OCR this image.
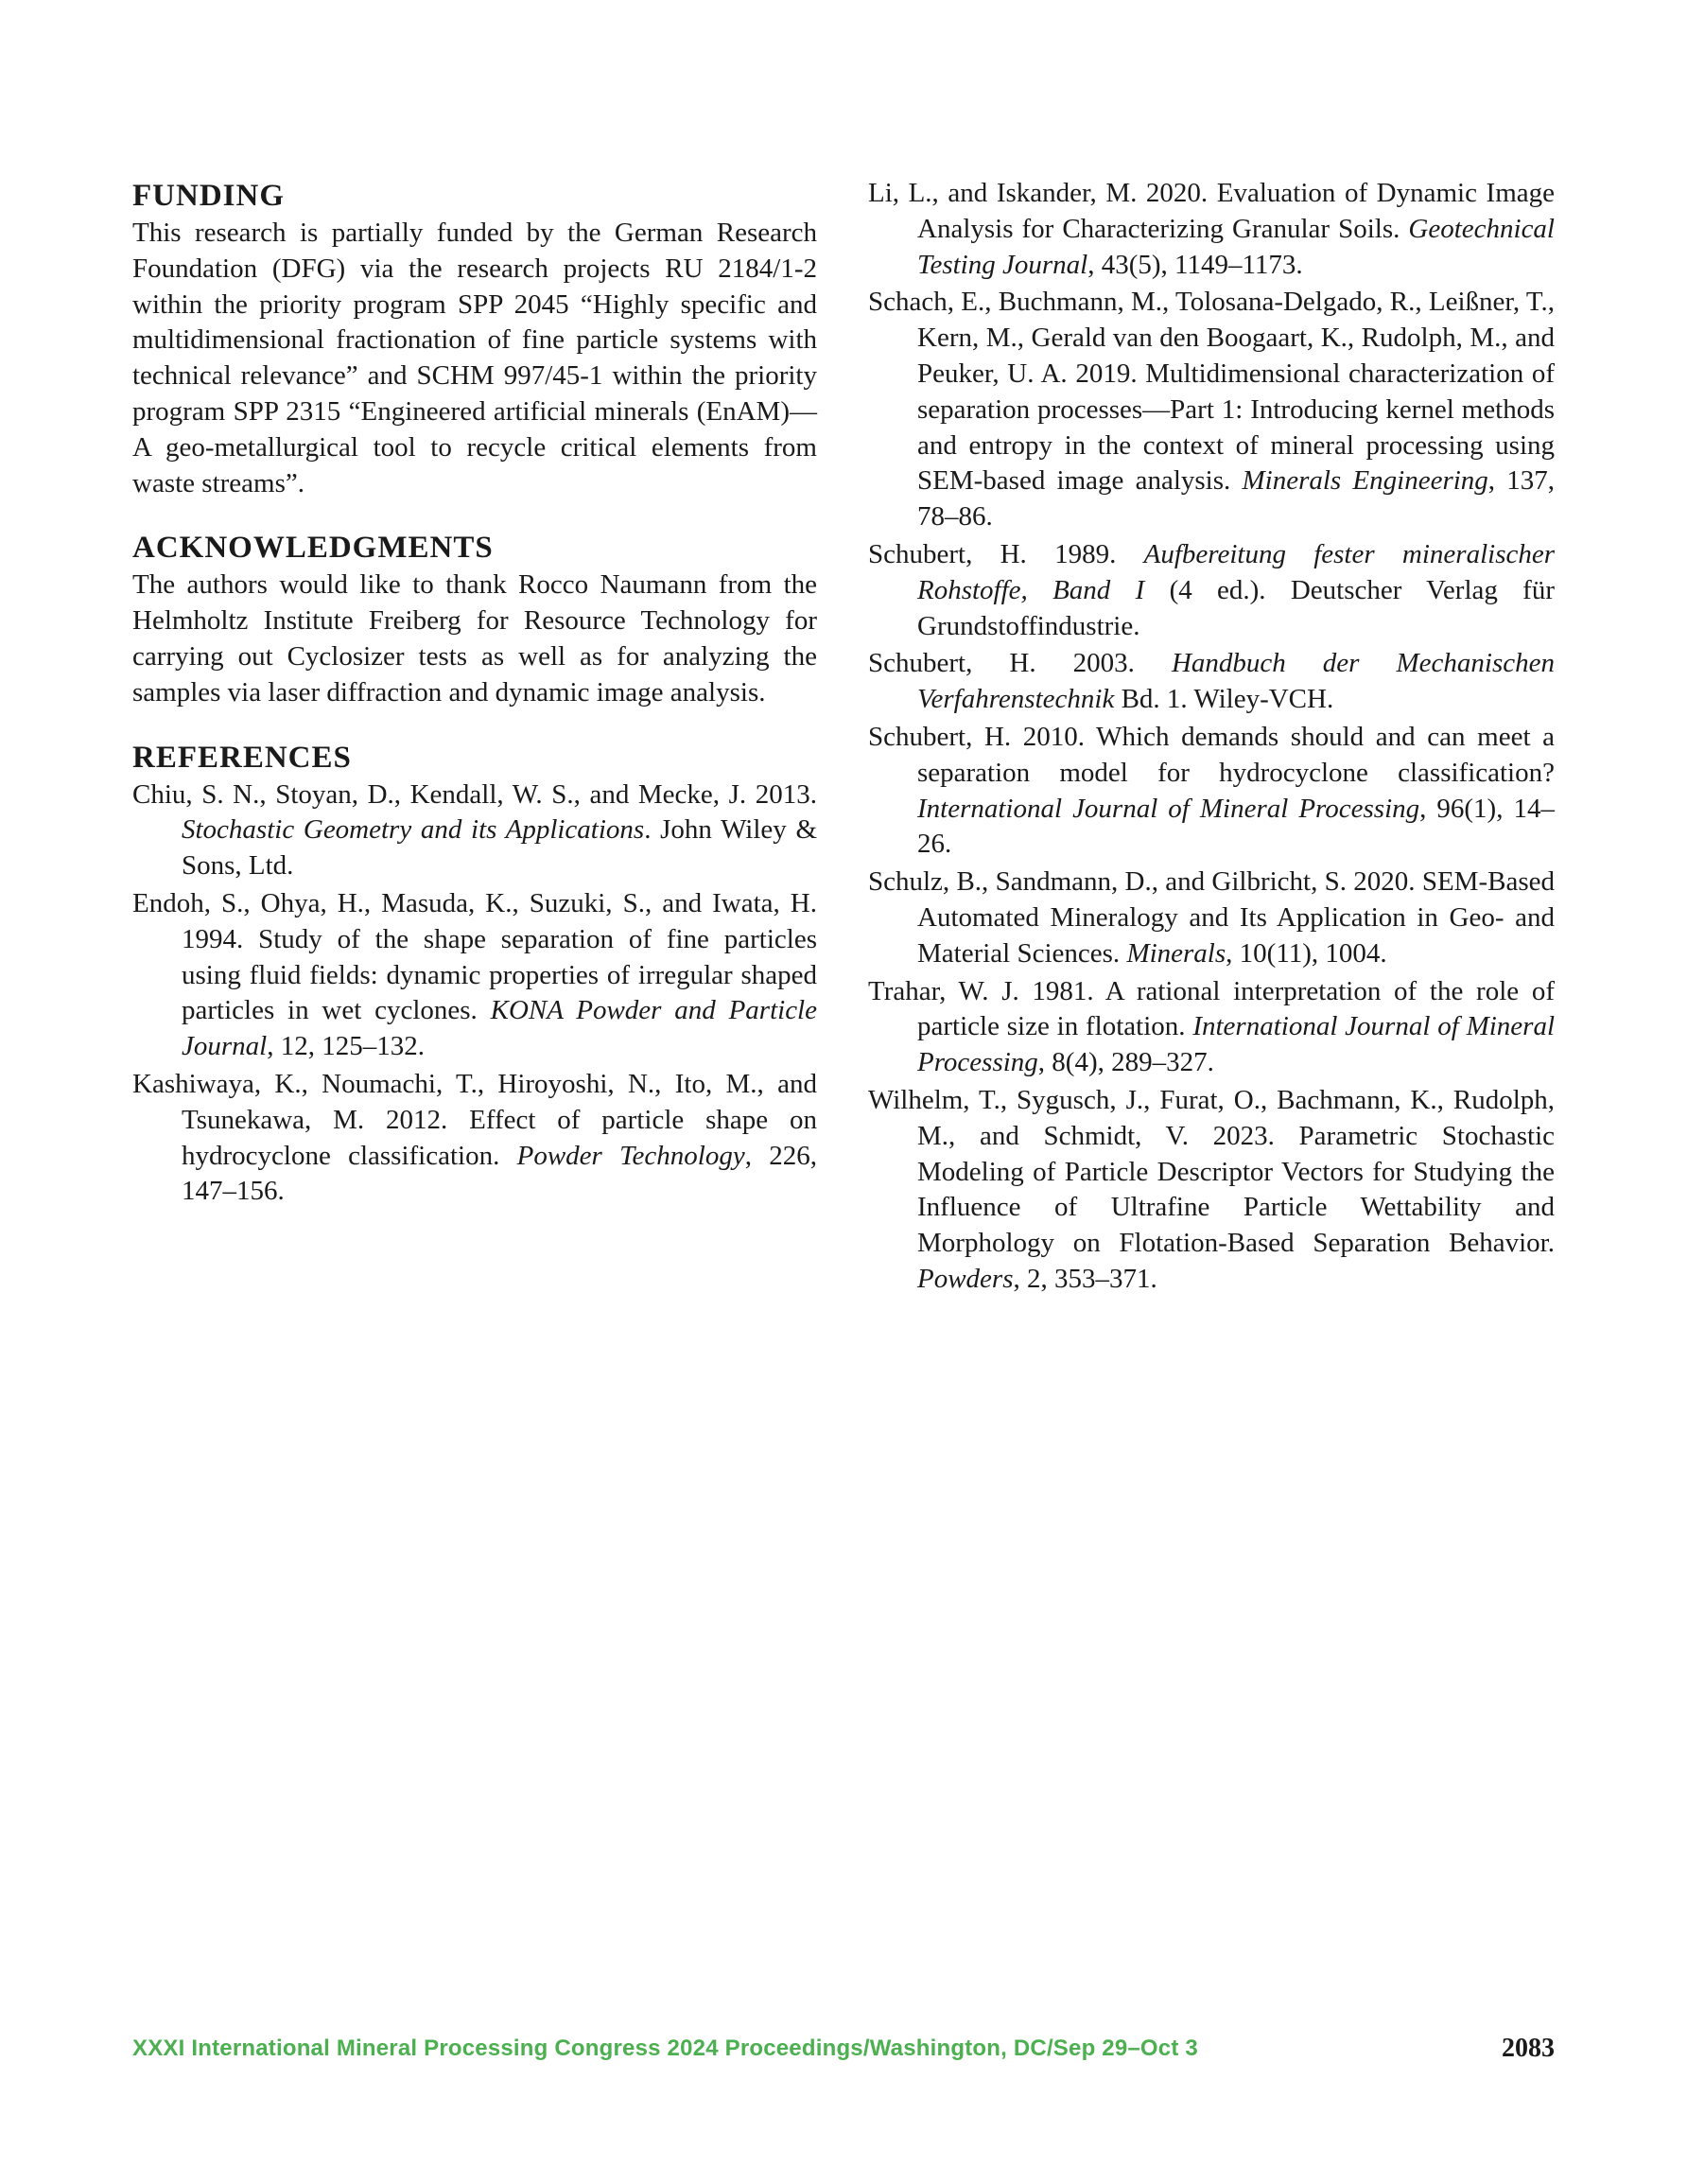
FUNDING

This research is partially funded by the German Research Foundation (DFG) via the research projects RU 2184/1-2 within the priority program SPP 2045 “Highly specific and multidimensional fractionation of fine particle systems with technical relevance” and SCHM 997/45-1 within the priority program SPP 2315 “Engineered artificial minerals (EnAM)—A geo-metallurgical tool to recycle critical elements from waste streams”.

ACKNOWLEDGMENTS

The authors would like to thank Rocco Naumann from the Helmholtz Institute Freiberg for Resource Technology for carrying out Cyclosizer tests as well as for analyzing the samples via laser diffraction and dynamic image analysis.

REFERENCES
Chiu, S. N., Stoyan, D., Kendall, W. S., and Mecke, J. 2013. Stochastic Geometry and its Applications. John Wiley & Sons, Ltd.
Endoh, S., Ohya, H., Masuda, K., Suzuki, S., and Iwata, H. 1994. Study of the shape separation of fine particles using fluid fields: dynamic properties of irregular shaped particles in wet cyclones. KONA Powder and Particle Journal, 12, 125–132.
Kashiwaya, K., Noumachi, T., Hiroyoshi, N., Ito, M., and Tsunekawa, M. 2012. Effect of particle shape on hydrocyclone classification. Powder Technology, 226, 147–156.
Li, L., and Iskander, M. 2020. Evaluation of Dynamic Image Analysis for Characterizing Granular Soils. Geotechnical Testing Journal, 43(5), 1149–1173.
Schach, E., Buchmann, M., Tolosana-Delgado, R., Leißner, T., Kern, M., Gerald van den Boogaart, K., Rudolph, M., and Peuker, U. A. 2019. Multidimensional characterization of separation processes—Part 1: Introducing kernel methods and entropy in the context of mineral processing using SEM-based image analysis. Minerals Engineering, 137, 78–86.
Schubert, H. 1989. Aufbereitung fester mineralischer Rohstoffe, Band I (4 ed.). Deutscher Verlag für Grundstoffindustrie.
Schubert, H. 2003. Handbuch der Mechanischen Verfahrenstechnik Bd. 1. Wiley-VCH.
Schubert, H. 2010. Which demands should and can meet a separation model for hydrocyclone classification? International Journal of Mineral Processing, 96(1), 14–26.
Schulz, B., Sandmann, D., and Gilbricht, S. 2020. SEM-Based Automated Mineralogy and Its Application in Geo- and Material Sciences. Minerals, 10(11), 1004.
Trahar, W. J. 1981. A rational interpretation of the role of particle size in flotation. International Journal of Mineral Processing, 8(4), 289–327.
Wilhelm, T., Sygusch, J., Furat, O., Bachmann, K., Rudolph, M., and Schmidt, V. 2023. Parametric Stochastic Modeling of Particle Descriptor Vectors for Studying the Influence of Ultrafine Particle Wettability and Morphology on Flotation-Based Separation Behavior. Powders, 2, 353–371.
XXXI International Mineral Processing Congress 2024 Proceedings/Washington, DC/Sep 29–Oct 3	2083
